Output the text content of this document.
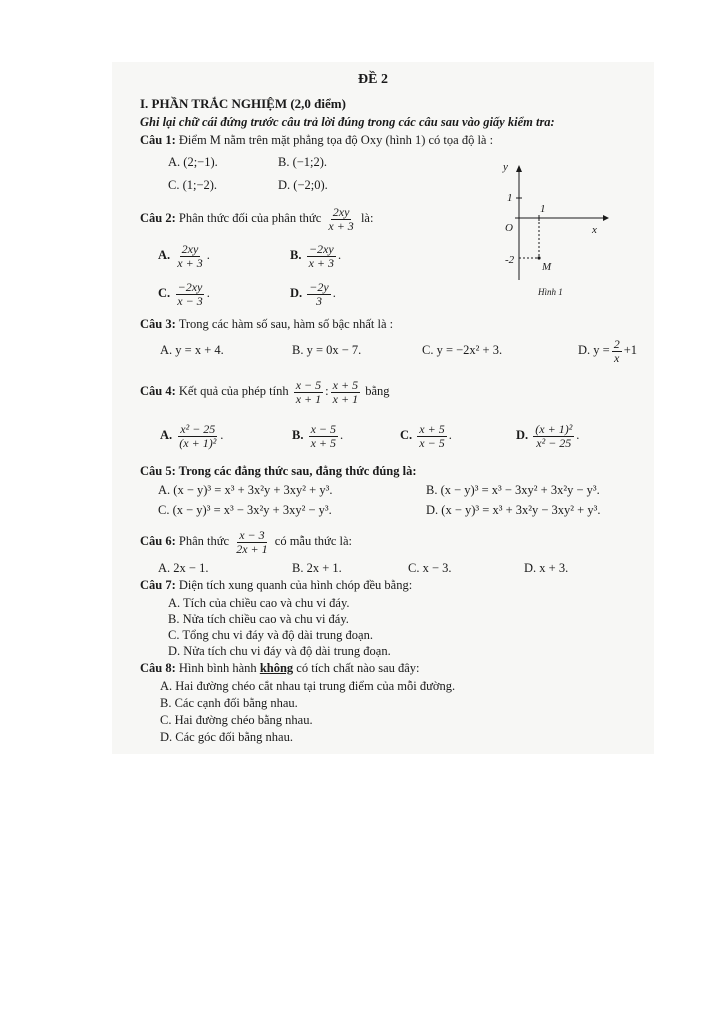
ĐỀ 2
I. PHẦN TRẮC NGHIỆM (2,0 điểm)
Ghi lại chữ cái đứng trước câu trả lời đúng trong các câu sau vào giấy kiểm tra:
Câu 1: Điểm M nằm trên mặt phẳng tọa độ Oxy (hình 1) có tọa độ là :
A. (2;−1).	B. (−1;2).
C. (1;−2).	D. (−2;0).
y
x
O
1
1
-2
M
Hình 1
Câu 2: Phân thức đối của phân thức $\frac{2xy}{x + 3}$ là:
A. $\frac{2xy}{x + 3}$ .	B. $\frac{-2xy}{x + 3}$ .
C. $\frac{-2xy}{x - 3}$ .	D. $\frac{-2y}{3}$ .
Câu 3: Trong các hàm số sau, hàm số bậc nhất là :
A. y = x + 4.	B. y = 0x − 7.	C. y = −2x² + 3.	D. $y = \frac{2}{x} +1$
Câu 4: Kết quả của phép tính $\frac{x - 5}{x + 1}$ : $\frac{x + 5}{x + 1}$ bằng
A. $\frac{\text{x² − 25}}{\text{(x + 1)²}}$ .	B. $\frac{x - 5}{x + 5}$ .	C. $\frac{x + 5}{x - 5}$ .	D. $\frac{\text{(x + 1)²}}{\text{x² − 25}}$ .
Câu 5: Trong các đẳng thức sau, đẳng thức đúng là:
A. (x − y)³ = x³ + 3x²y + 3xy² + y³.	B. (x − y)³ = x³ − 3xy² + 3x²y − y³.
C. (x − y)³ = x³ − 3x²y + 3xy² − y³.	D. (x − y)³ = x³ + 3x²y − 3xy² + y³.
Câu 6: Phân thức $\frac{x - 3}{2x + 1}$ có mẫu thức là:
A. 2x − 1.	B. 2x + 1.	C. x − 3.	D. x + 3.
Câu 7: Diện tích xung quanh của hình chóp đều bằng:
A. Tích của chiều cao và chu vi đáy.
B. Nửa tích chiều cao và chu vi đáy.
C. Tổng chu vi đáy và độ dài trung đoạn.
D. Nửa tích chu vi đáy và độ dài trung đoạn.
Câu 8: Hình bình hành không có tích chất nào sau đây:
A. Hai đường chéo cắt nhau tại trung điểm của mỗi đường.
B. Các cạnh đối bằng nhau.
C. Hai đường chéo bằng nhau.
D. Các góc đối bằng nhau.
